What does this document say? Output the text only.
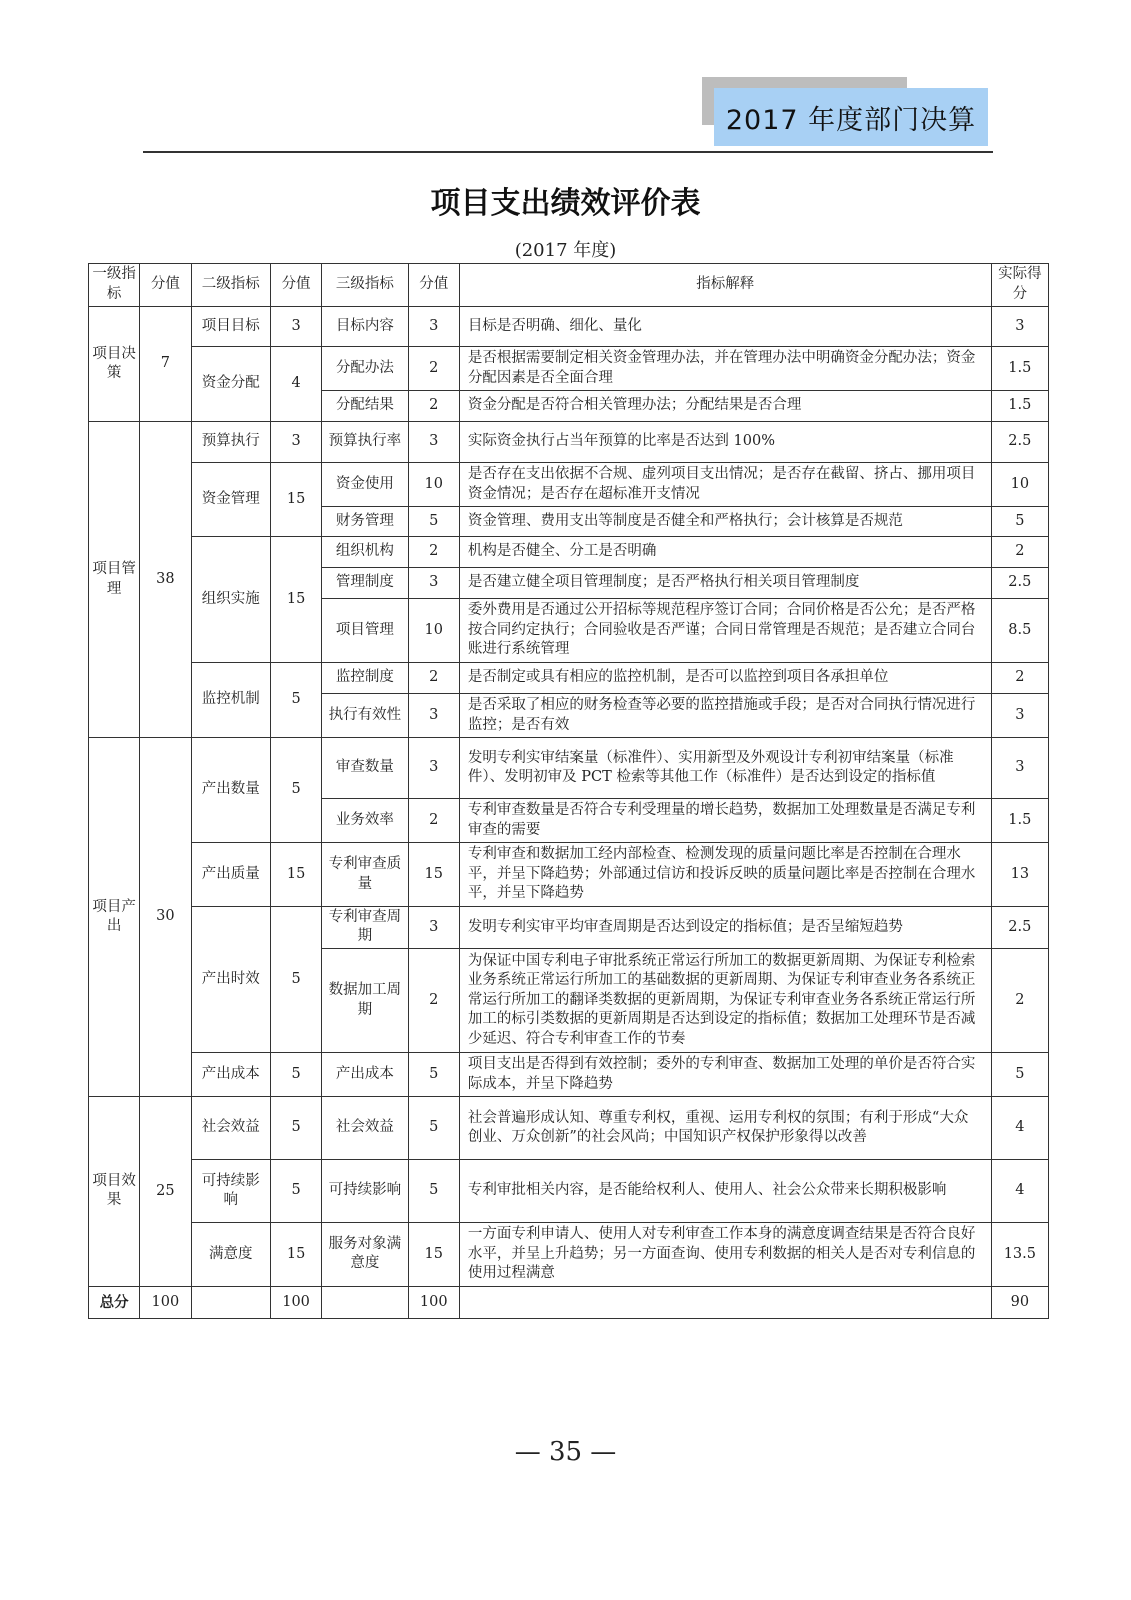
2017 年度部门决算
项目支出绩效评价表
(2017 年度)
一级指标	分值	二级指标	分值	三级指标	分值	指标解释	实际得分
项目决策	7	项目目标	3	目标内容	3	目标是否明确、细化、量化	3
		资金分配	4	分配办法	2	是否根据需要制定相关资金管理办法，并在管理办法中明确资金分配办法；资金分配因素是否全面合理	1.5
				分配结果	2	资金分配是否符合相关管理办法；分配结果是否合理	1.5
项目管理	38	预算执行	3	预算执行率	3	实际资金执行占当年预算的比率是否达到 100%	2.5
		资金管理	15	资金使用	10	是否存在支出依据不合规、虚列项目支出情况；是否存在截留、挤占、挪用项目资金情况；是否存在超标准开支情况	10
				财务管理	5	资金管理、费用支出等制度是否健全和严格执行；会计核算是否规范	5
		组织实施	15	组织机构	2	机构是否健全、分工是否明确	2
				管理制度	3	是否建立健全项目管理制度；是否严格执行相关项目管理制度	2.5
				项目管理	10	委外费用是否通过公开招标等规范程序签订合同；合同价格是否公允；是否严格按合同约定执行；合同验收是否严谨；合同日常管理是否规范；是否建立合同台账进行系统管理	8.5
		监控机制	5	监控制度	2	是否制定或具有相应的监控机制，是否可以监控到项目各承担单位	2
				执行有效性	3	是否采取了相应的财务检查等必要的监控措施或手段；是否对合同执行情况进行监控；是否有效	3
项目产出	30	产出数量	5	审查数量	3	发明专利实审结案量（标准件）、实用新型及外观设计专利初审结案量（标准件）、发明初审及 PCT 检索等其他工作（标准件）是否达到设定的指标值	3
				业务效率	2	专利审查数量是否符合专利受理量的增长趋势，数据加工处理数量是否满足专利审查的需要	1.5
		产出质量	15	专利审查质量	15	专利审查和数据加工经内部检查、检测发现的质量问题比率是否控制在合理水平，并呈下降趋势；外部通过信访和投诉反映的质量问题比率是否控制在合理水平，并呈下降趋势	13
		产出时效	5	专利审查周期	3	发明专利实审平均审查周期是否达到设定的指标值；是否呈缩短趋势	2.5
				数据加工周期	2	为保证中国专利电子审批系统正常运行所加工的数据更新周期、为保证专利检索业务系统正常运行所加工的基础数据的更新周期、为保证专利审查业务各系统正常运行所加工的翻译类数据的更新周期，为保证专利审查业务各系统正常运行所加工的标引类数据的更新周期是否达到设定的指标值；数据加工处理环节是否减少延迟、符合专利审查工作的节奏	2
		产出成本	5	产出成本	5	项目支出是否得到有效控制；委外的专利审查、数据加工处理的单价是否符合实际成本，并呈下降趋势	5
项目效果	25	社会效益	5	社会效益	5	社会普遍形成认知、尊重专利权，重视、运用专利权的氛围；有利于形成“大众创业、万众创新”的社会风尚；中国知识产权保护形象得以改善	4
		可持续影响	5	可持续影响	5	专利审批相关内容，是否能给权利人、使用人、社会公众带来长期积极影响	4
		满意度	15	服务对象满意度	15	一方面专利申请人、使用人对专利审查工作本身的满意度调查结果是否符合良好水平，并呈上升趋势；另一方面查询、使用专利数据的相关人是否对专利信息的使用过程满意	13.5
总分	100		100		100		90
— 35 —
